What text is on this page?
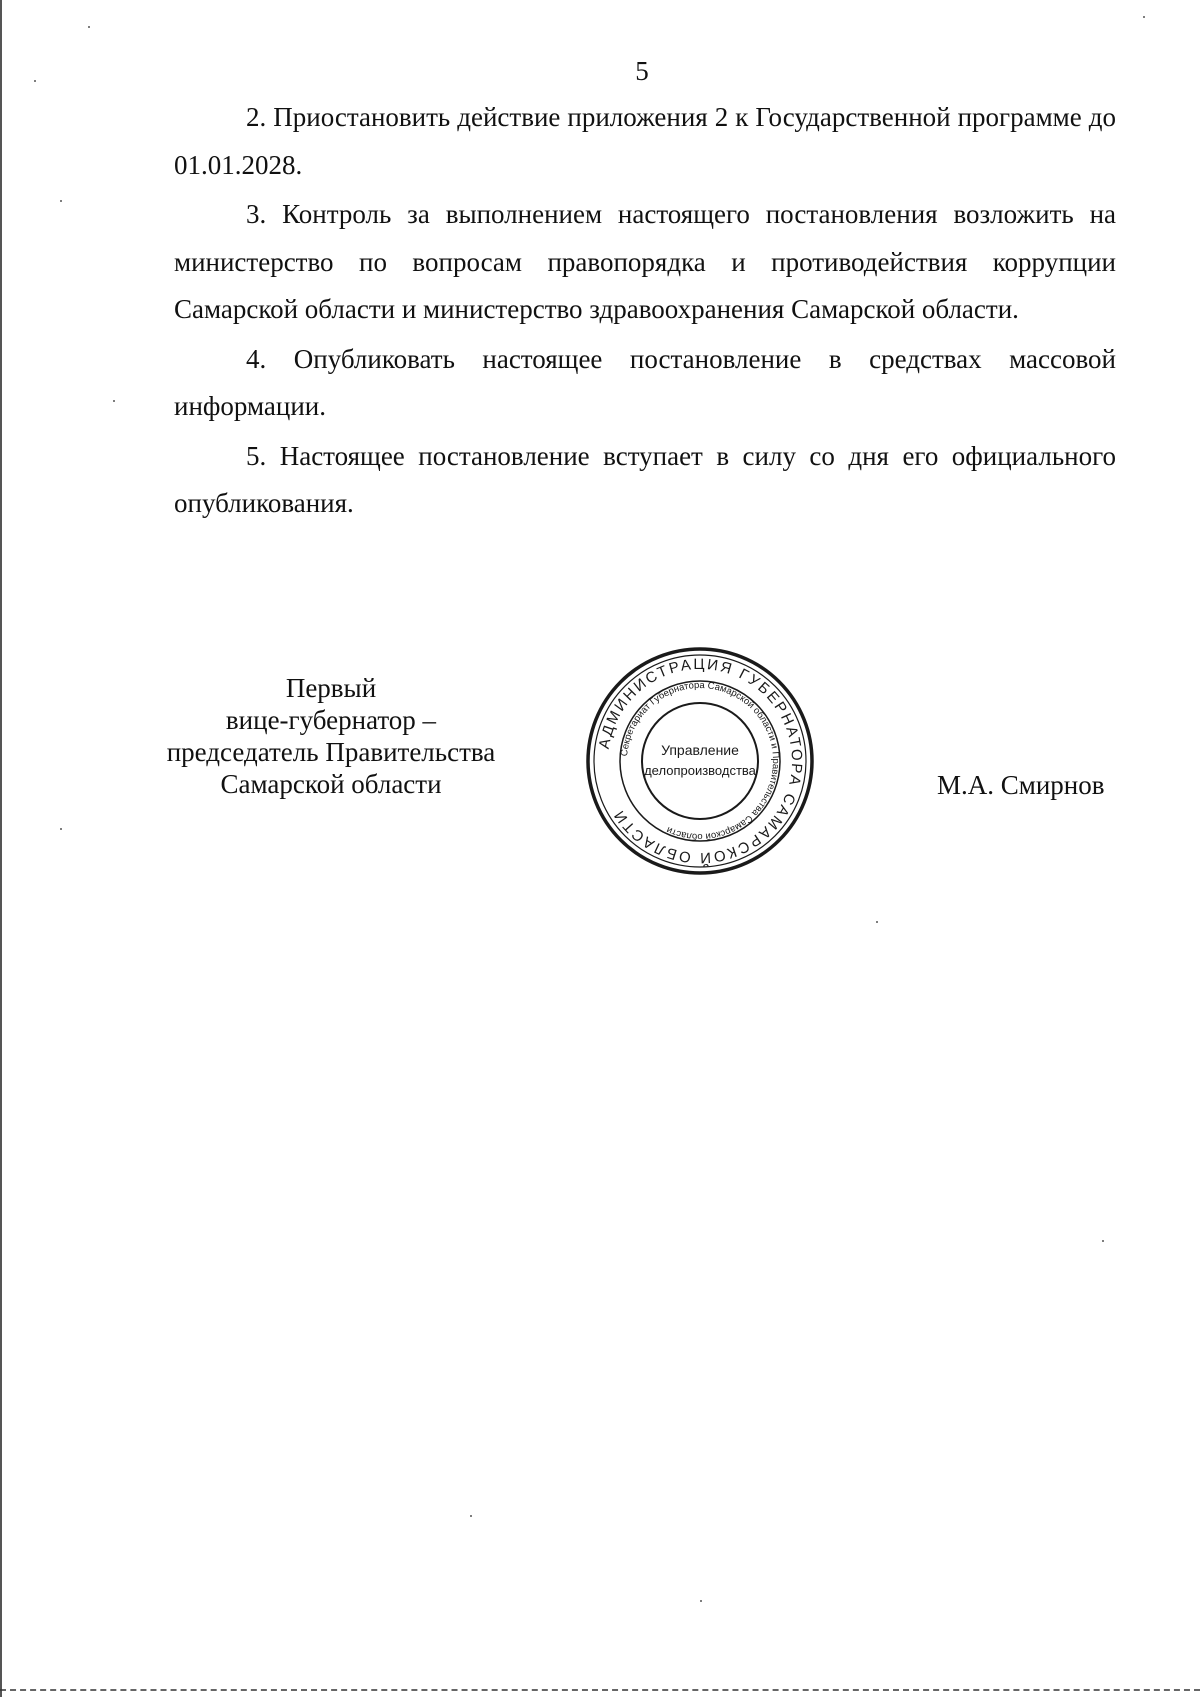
5

2. Приостановить действие приложения 2 к Государственной программе до 01.01.2028.

3. Контроль за выполнением настоящего постановления возложить на министерство по вопросам правопорядка и противодействия коррупции Самарской области и министерство здравоохранения Самарской области.

4. Опубликовать настоящее постановление в средствах массовой информации.

5. Настоящее постановление вступает в силу со дня его официального опубликования.

Первый
вице-губернатор –
председатель Правительства
Самарской области
АДМИНИСТРАЦИЯ ГУБЕРНАТОРА САМАРСКОЙ ОБЛАСТИ
Секретариат Губернатора Самарской области и Правительства Самарской области
Управление
делопроизводства	М.А. Смирнов
